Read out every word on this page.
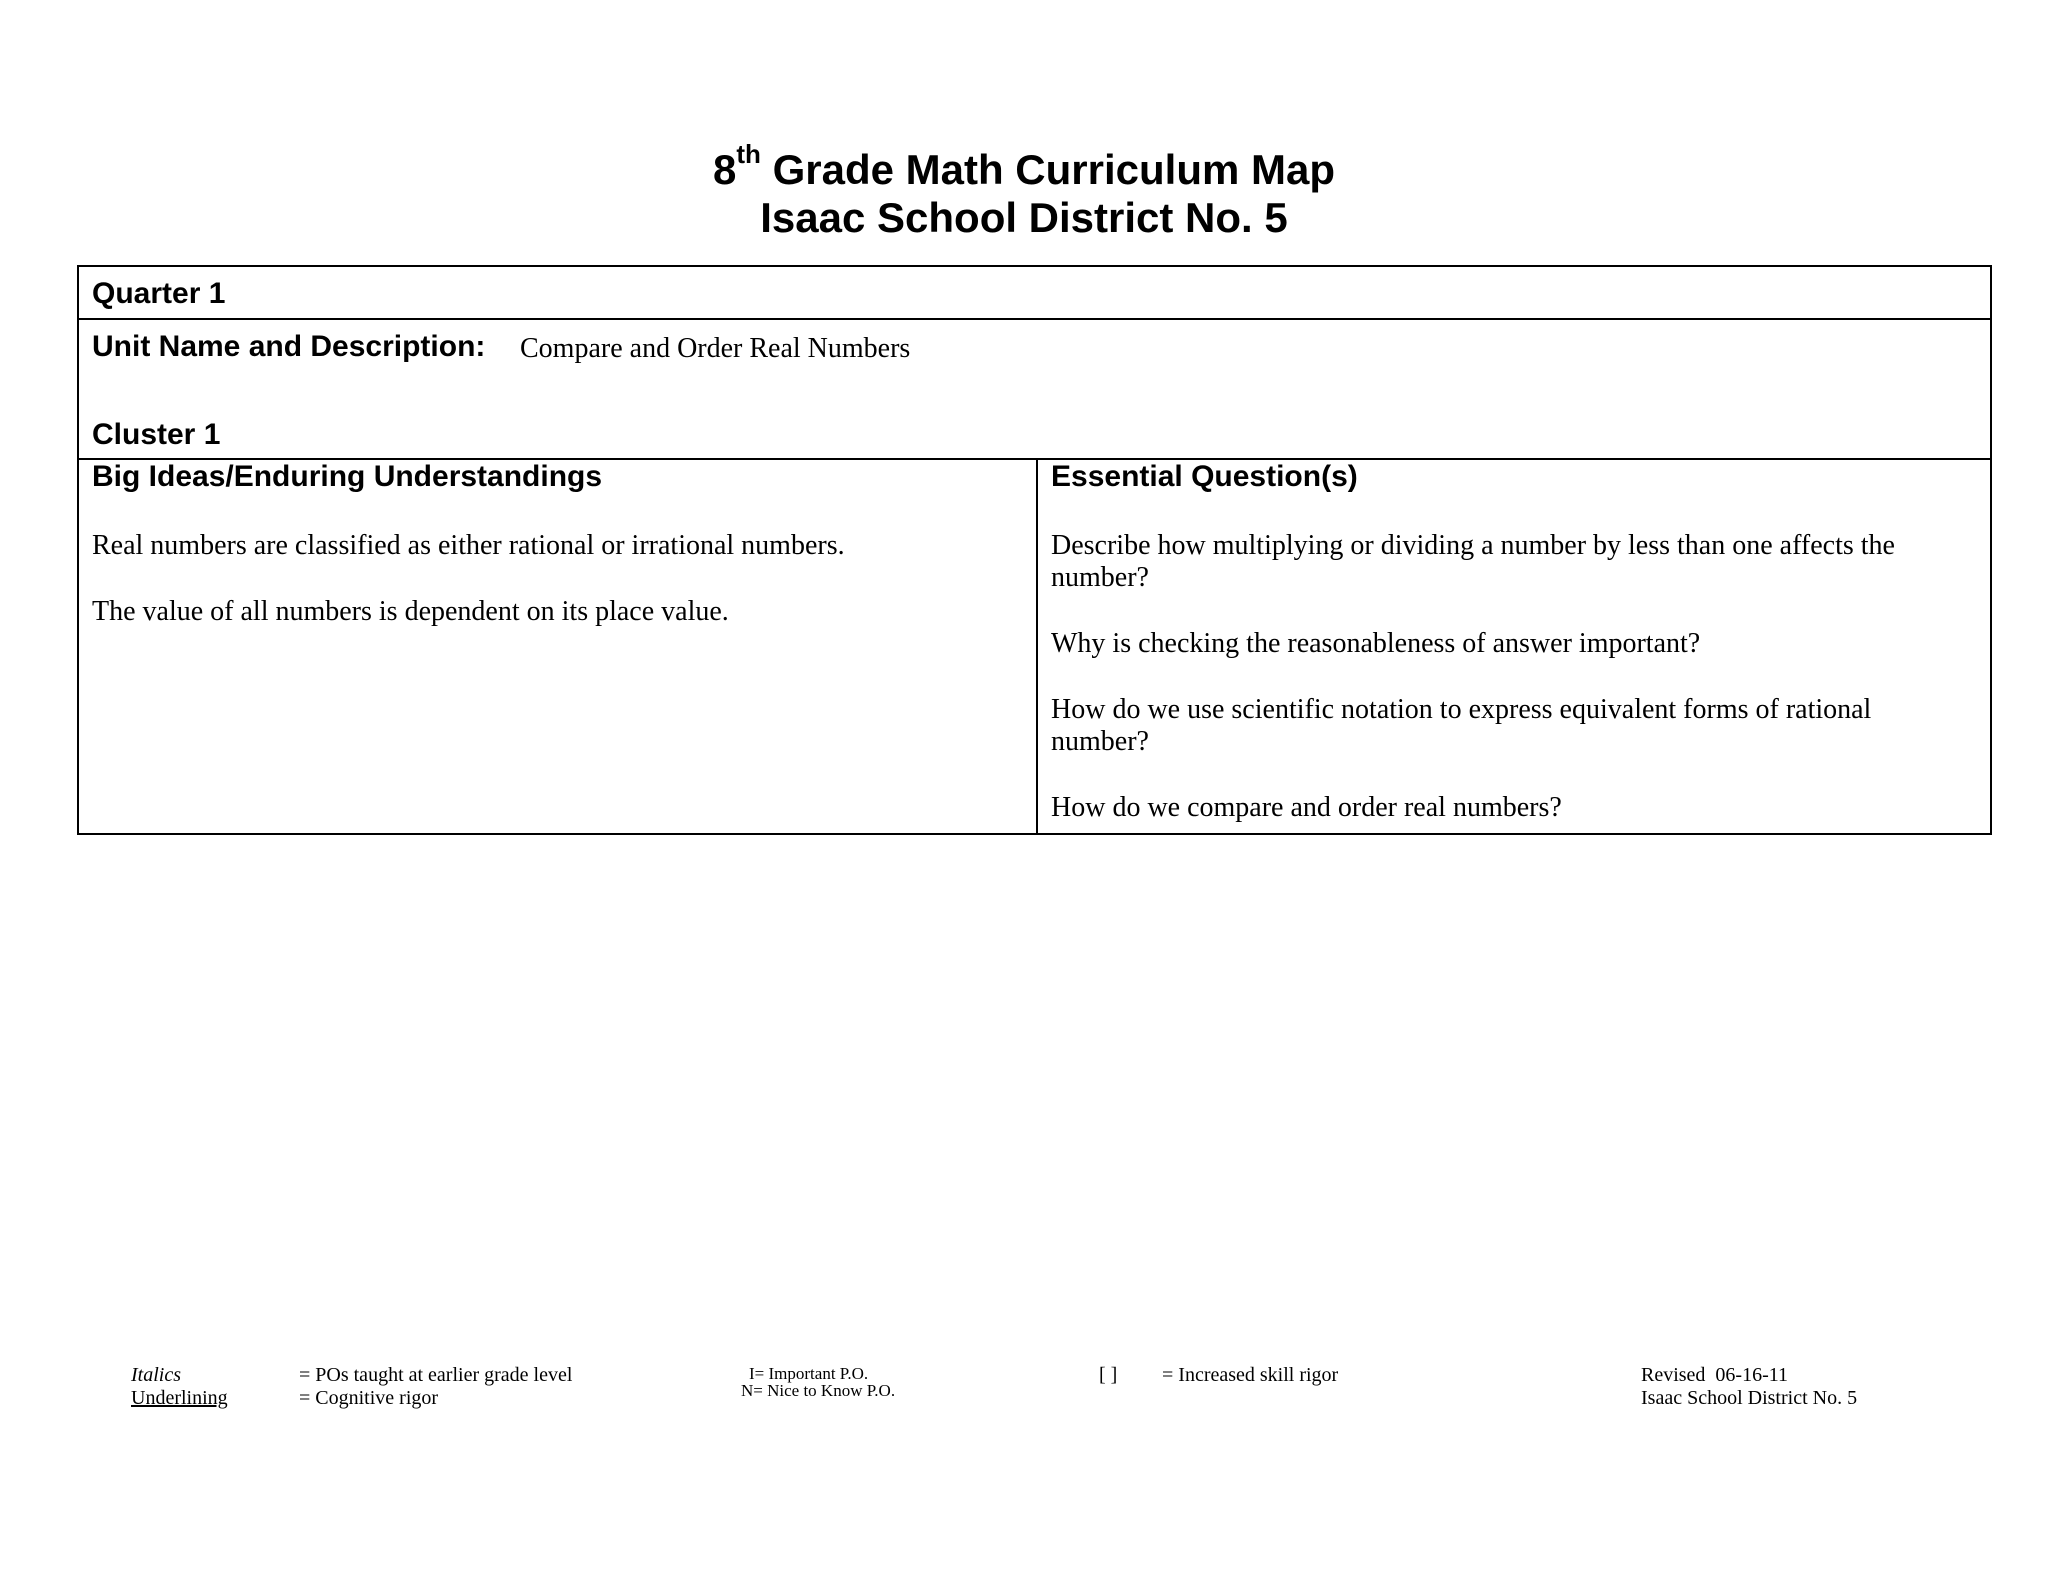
8th Grade Math Curriculum Map
Isaac School District No. 5
Quarter 1
Unit Name and Description: Compare and Order Real Numbers
Cluster 1
Big Ideas/Enduring Understandings
Real numbers are classified as either rational or irrational numbers.
The value of all numbers is dependent on its place value.
Essential Question(s)
Describe how multiplying or dividing a number by less than one affects the number?
Why is checking the reasonableness of answer important?
How do we use scientific notation to express equivalent forms of rational number?
How do we compare and order real numbers?
Italics
Underlining
= POs taught at earlier grade level
= Cognitive rigor
I= Important P.O.
N= Nice to Know P.O.
[ ] = Increased skill rigor	Revised  06-16-11
Isaac School District No. 5
